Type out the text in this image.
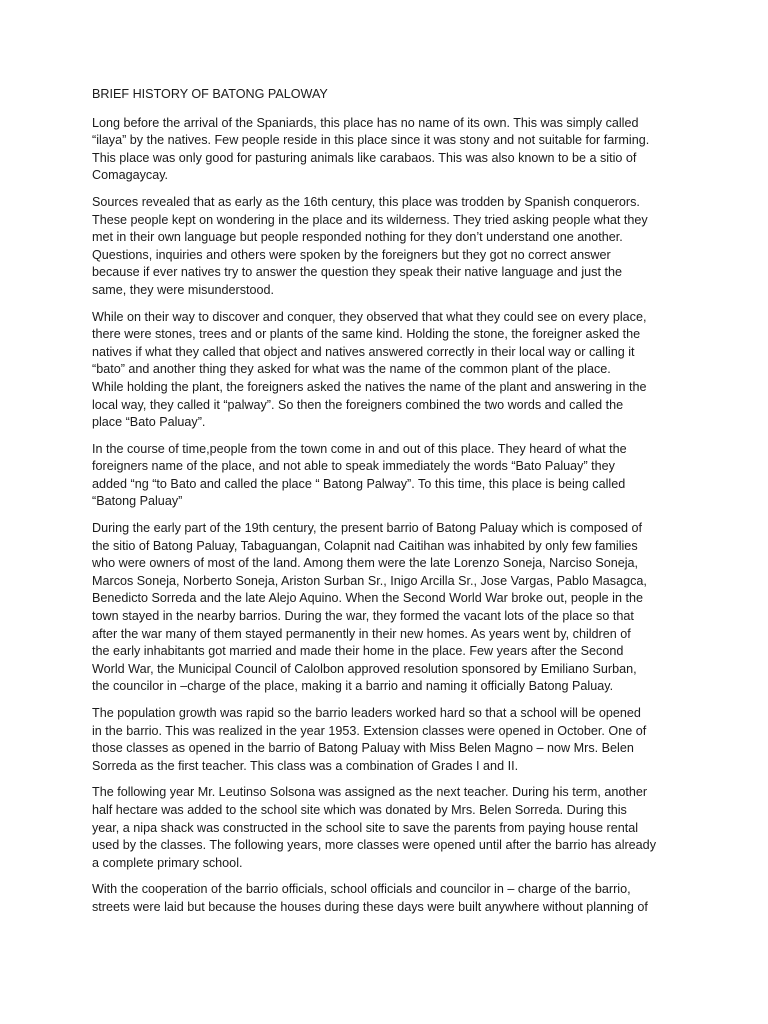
BRIEF HISTORY OF BATONG PALOWAY
Long before the arrival of the Spaniards, this place has no name of its own. This was simply called
“ilaya” by the natives. Few people reside in this place since it was stony and not suitable for farming.
This place was only good for pasturing animals like carabaos. This was also known to be a sitio of
Comagaycay.
Sources revealed that as early as the 16th century, this place was trodden by Spanish conquerors.
These people kept on wondering in the place and its wilderness. They tried asking people what they
met in their own language but people responded nothing for they don’t understand one another.
Questions, inquiries and others were spoken by the foreigners but they got no correct answer
because if ever natives try to answer the question they speak their native language and just the
same, they were misunderstood.
While on their way to discover and conquer, they observed that what they could see on every place,
there were stones, trees and or plants of the same kind. Holding the stone, the foreigner asked the
natives if what they called that object and natives answered correctly in their local way or calling it
“bato” and another thing they asked for what was the name of the common plant of the place.
While holding the plant, the foreigners asked the natives the name of the plant and answering in the
local way, they called it “palway”. So then the foreigners combined the two words and called the
place “Bato Paluay”.
In the course of time,people from the town come in and out of this place. They heard of what the
foreigners name of the place, and not able to speak immediately the words “Bato Paluay” they
added “ng “to Bato and called the place “ Batong Palway”. To this time, this place is being called
“Batong Paluay”
During the early part of the 19th century, the present barrio of Batong Paluay which is composed of
the sitio of Batong Paluay, Tabaguangan, Colapnit nad Caitihan was inhabited by only few families
who were owners of most of the land. Among them were the late Lorenzo Soneja, Narciso Soneja,
Marcos Soneja, Norberto Soneja, Ariston Surban Sr., Inigo Arcilla Sr., Jose Vargas, Pablo Masagca,
Benedicto Sorreda and the late Alejo Aquino. When the Second World War broke out, people in the
town stayed in the nearby barrios. During the war, they formed the vacant lots of the place so that
after the war many of them stayed permanently in their new homes. As years went by, children of
the early inhabitants got married and made their home in the place. Few years after the Second
World War, the Municipal Council of Calolbon approved resolution sponsored by Emiliano Surban,
the councilor in –charge of the place, making it a barrio and naming it officially Batong Paluay.
The population growth was rapid so the barrio leaders worked hard so that a school will be opened
in the barrio. This was realized in the year 1953. Extension classes were opened in October. One of
those classes as opened in the barrio of Batong Paluay with Miss Belen Magno – now Mrs. Belen
Sorreda as the first teacher. This class was a combination of Grades I and II.
The following year Mr. Leutinso Solsona was assigned as the next teacher. During his term, another
half hectare was added to the school site which was donated by Mrs. Belen Sorreda. During this
year, a nipa shack was constructed in the school site to save the parents from paying house rental
used by the classes. The following years, more classes were opened until after the barrio has already
a complete primary school.
With the cooperation of the barrio officials, school officials and councilor in – charge of the barrio,
streets were laid but because the houses during these days were built anywhere without planning of
